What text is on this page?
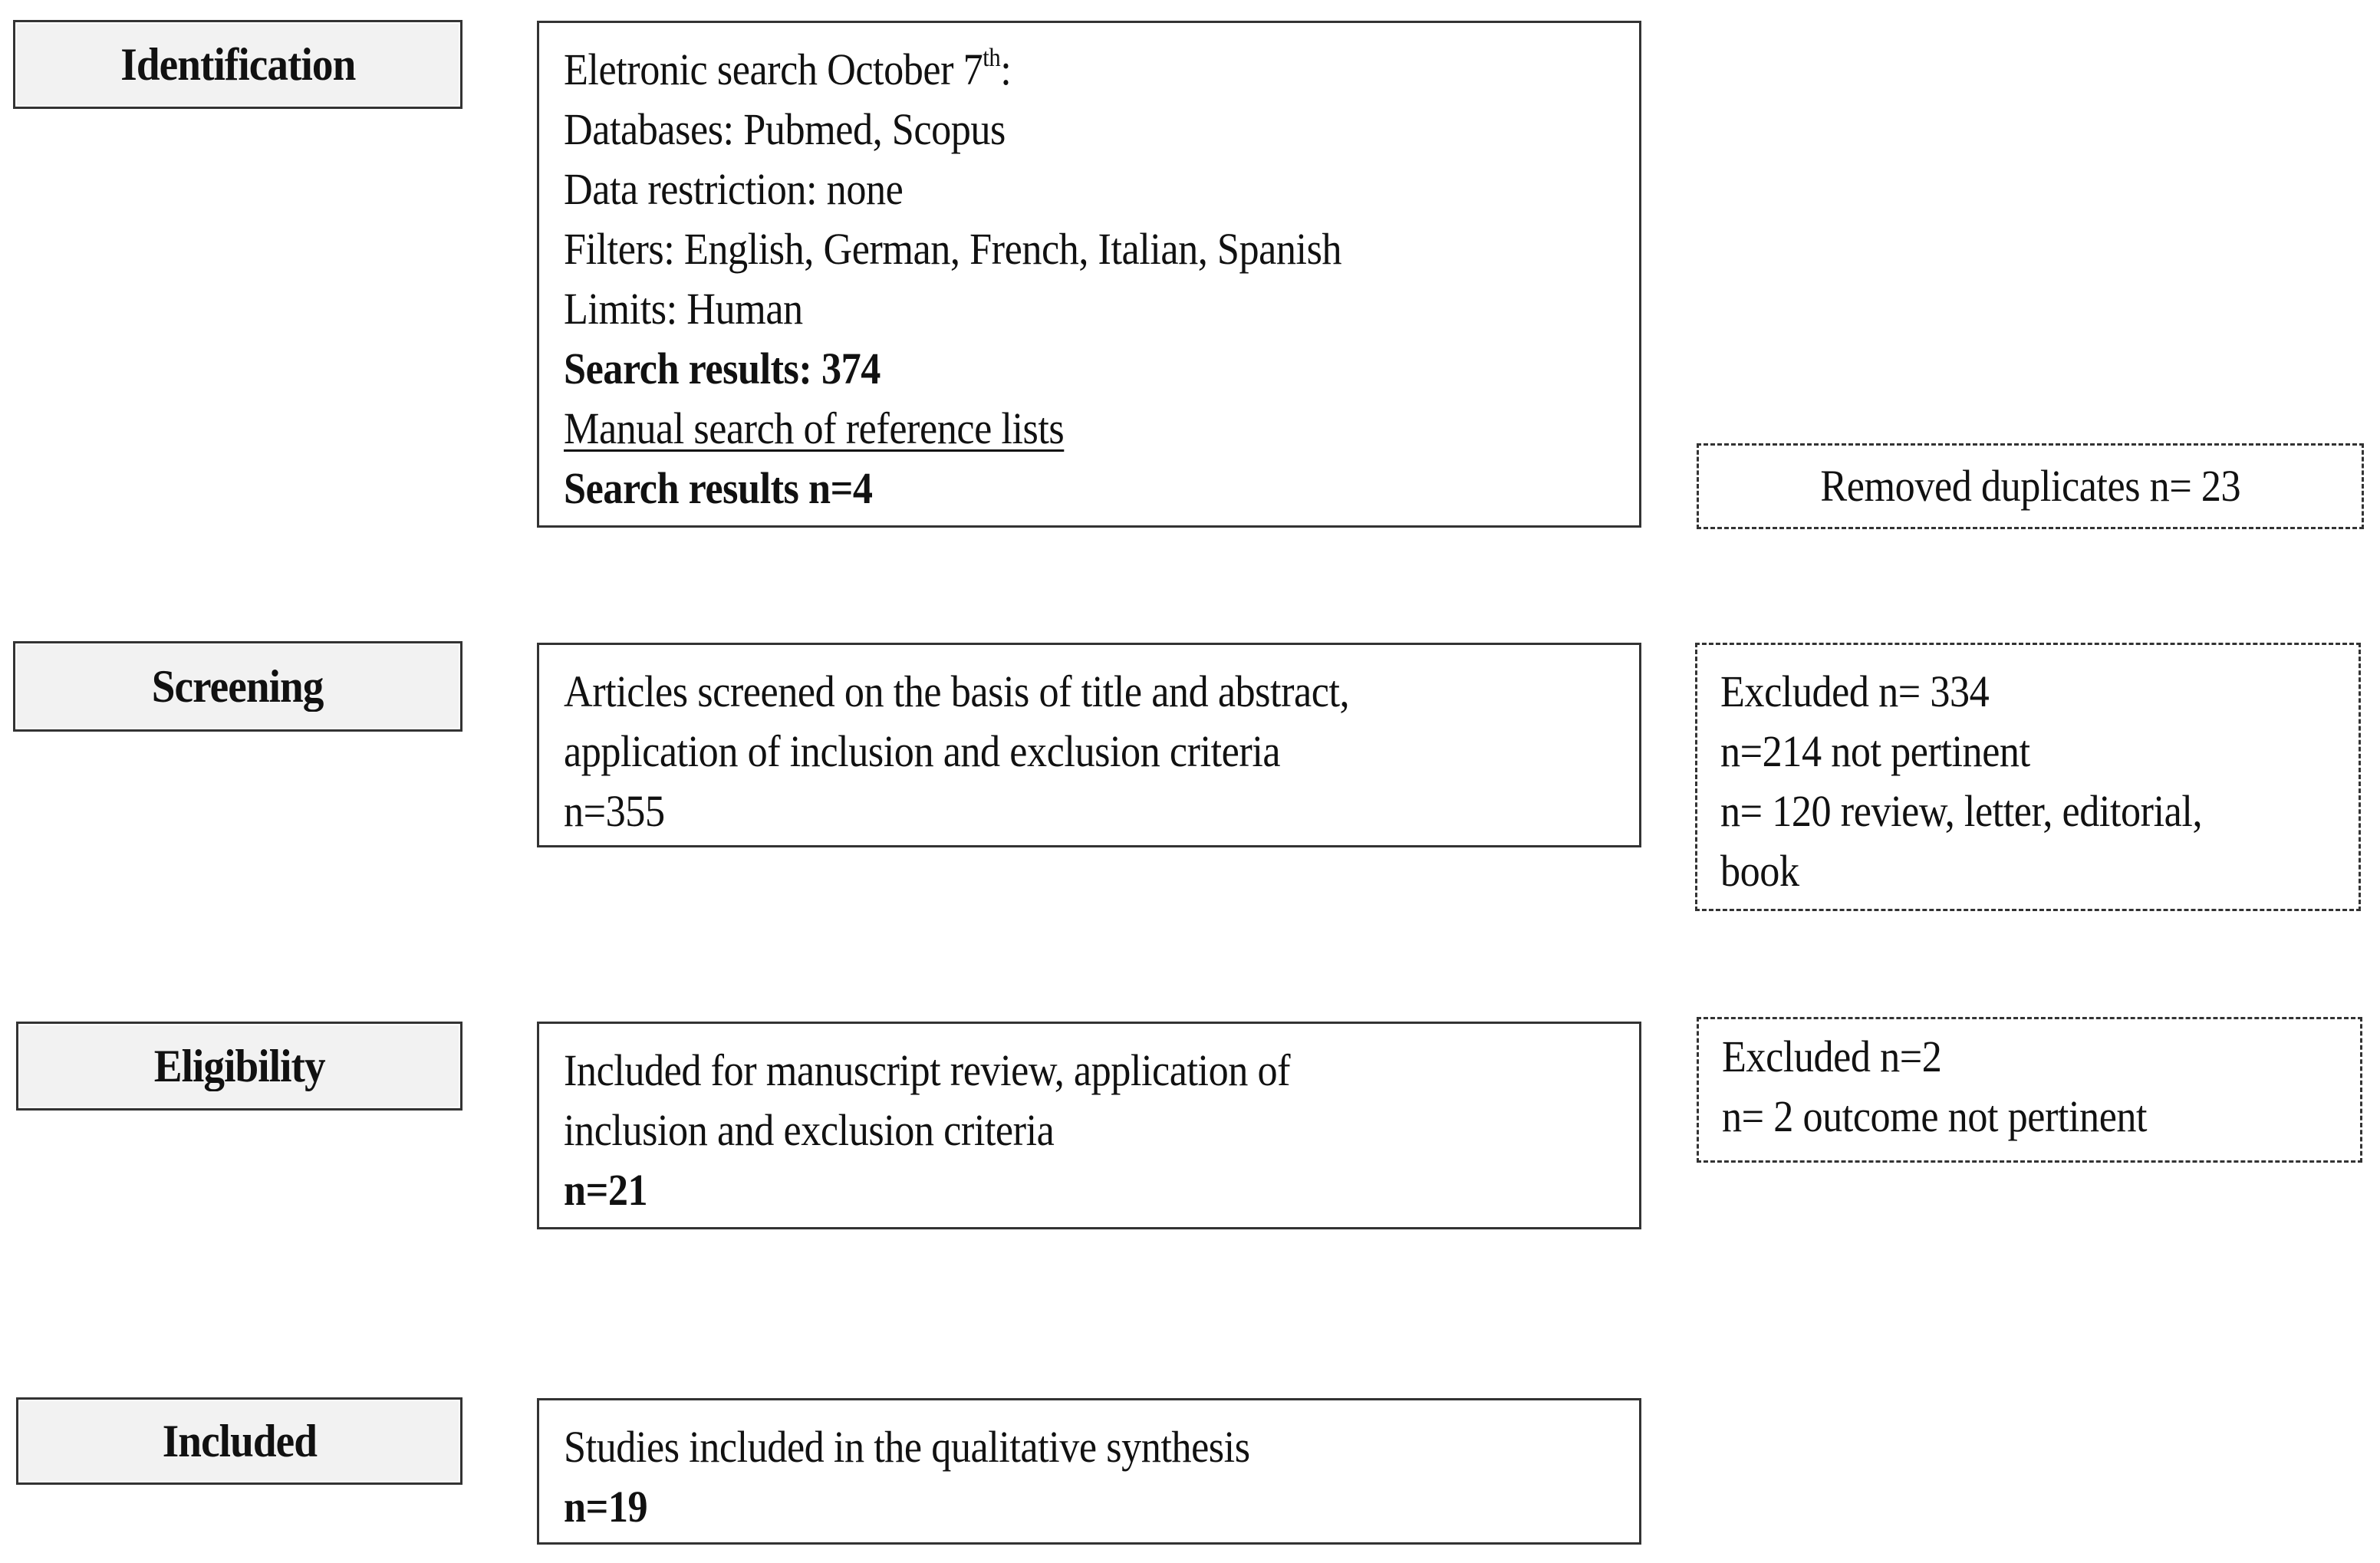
Identification
Screening
Eligibility
Included
Eletronic search October 7th:
Databases: Pubmed, Scopus
Data restriction: none
Filters: English, German, French, Italian, Spanish
Limits: Human
Search results: 374
Manual search of reference lists
Search results n=4	Removed duplicates n= 23
Articles screened on the basis of title and abstract,
application of inclusion and exclusion criteria
n=355
Excluded n= 334
n=214 not pertinent
n= 120 review, letter, editorial,
book
Included for manuscript review, application of
inclusion and exclusion criteria
n=21
Excluded n=2
n= 2 outcome not pertinent
Studies included in the qualitative synthesis
n=19
